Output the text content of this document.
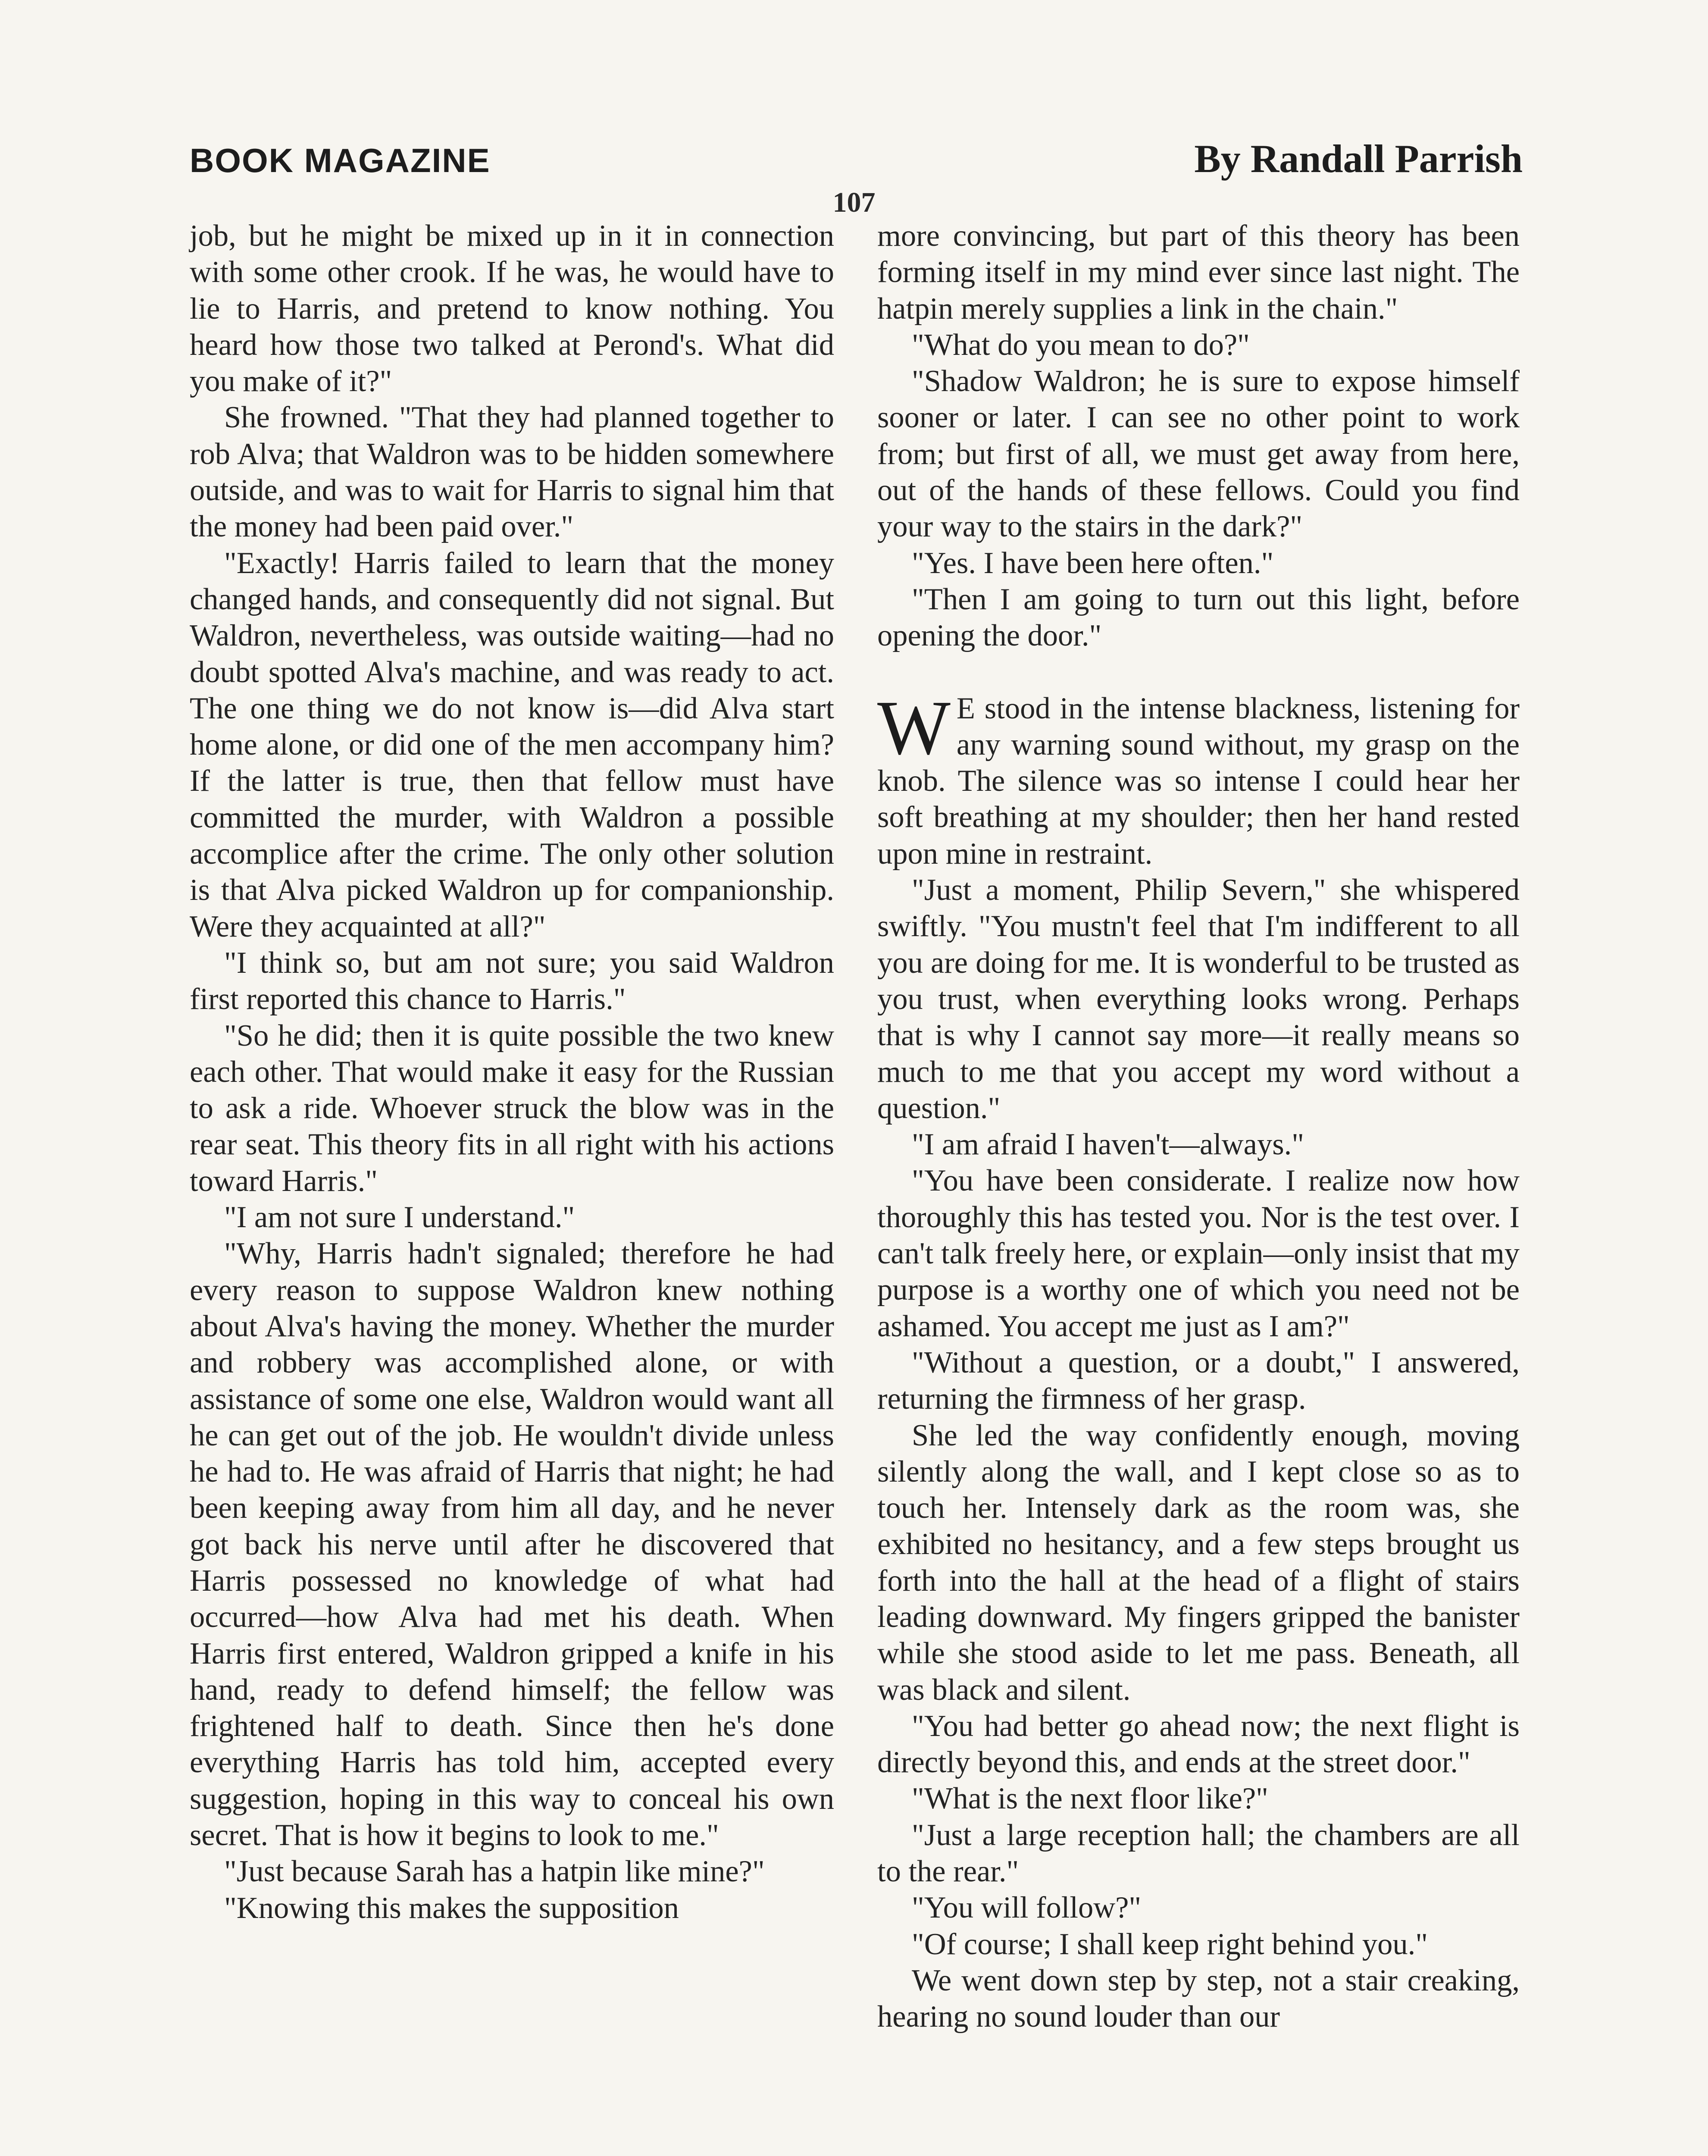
BOOK MAGAZINE	By Randall Parrish
107

job, but he might be mixed up in it in connection with some other crook. If he was, he would have to lie to Harris, and pretend to know nothing. You heard how those two talked at Perond's. What did you make of it?"

She frowned. "That they had planned together to rob Alva; that Waldron was to be hidden somewhere outside, and was to wait for Harris to signal him that the money had been paid over."

"Exactly! Harris failed to learn that the money changed hands, and consequently did not signal. But Waldron, nevertheless, was outside waiting—had no doubt spotted Alva's machine, and was ready to act. The one thing we do not know is—did Alva start home alone, or did one of the men accompany him? If the latter is true, then that fellow must have committed the murder, with Waldron a possible accomplice after the crime. The only other solution is that Alva picked Waldron up for companionship. Were they acquainted at all?"

"I think so, but am not sure; you said Waldron first reported this chance to Harris."

"So he did; then it is quite possible the two knew each other. That would make it easy for the Russian to ask a ride. Whoever struck the blow was in the rear seat. This theory fits in all right with his actions toward Harris."

"I am not sure I understand."

"Why, Harris hadn't signaled; therefore he had every reason to suppose Waldron knew nothing about Alva's having the money. Whether the murder and robbery was accomplished alone, or with assistance of some one else, Waldron would want all he can get out of the job. He wouldn't divide unless he had to. He was afraid of Harris that night; he had been keeping away from him all day, and he never got back his nerve until after he discovered that Harris possessed no knowledge of what had occurred—how Alva had met his death. When Harris first entered, Waldron gripped a knife in his hand, ready to defend himself; the fellow was frightened half to death. Since then he's done everything Harris has told him, accepted every suggestion, hoping in this way to conceal his own secret. That is how it begins to look to me."

"Just because Sarah has a hatpin like mine?"

"Knowing this makes the supposition

more convincing, but part of this theory has been forming itself in my mind ever since last night. The hatpin merely supplies a link in the chain."

"What do you mean to do?"

"Shadow Waldron; he is sure to expose himself sooner or later. I can see no other point to work from; but first of all, we must get away from here, out of the hands of these fellows. Could you find your way to the stairs in the dark?"

"Yes. I have been here often."

"Then I am going to turn out this light, before opening the door."

W E stood in the intense blackness, listening for any warning sound without, my grasp on the knob. The silence was so intense I could hear her soft breathing at my shoulder; then her hand rested upon mine in restraint.

"Just a moment, Philip Severn," she whispered swiftly. "You mustn't feel that I'm indifferent to all you are doing for me. It is wonderful to be trusted as you trust, when everything looks wrong. Perhaps that is why I cannot say more—it really means so much to me that you accept my word without a question."

"I am afraid I haven't—always."

"You have been considerate. I realize now how thoroughly this has tested you. Nor is the test over. I can't talk freely here, or explain—only insist that my purpose is a worthy one of which you need not be ashamed. You accept me just as I am?"

"Without a question, or a doubt," I answered, returning the firmness of her grasp.

She led the way confidently enough, moving silently along the wall, and I kept close so as to touch her. Intensely dark as the room was, she exhibited no hesitancy, and a few steps brought us forth into the hall at the head of a flight of stairs leading downward. My fingers gripped the banister while she stood aside to let me pass. Beneath, all was black and silent.

"You had better go ahead now; the next flight is directly beyond this, and ends at the street door."

"What is the next floor like?"

"Just a large reception hall; the chambers are all to the rear."

"You will follow?"

"Of course; I shall keep right behind you."

We went down step by step, not a stair creaking, hearing no sound louder than our
